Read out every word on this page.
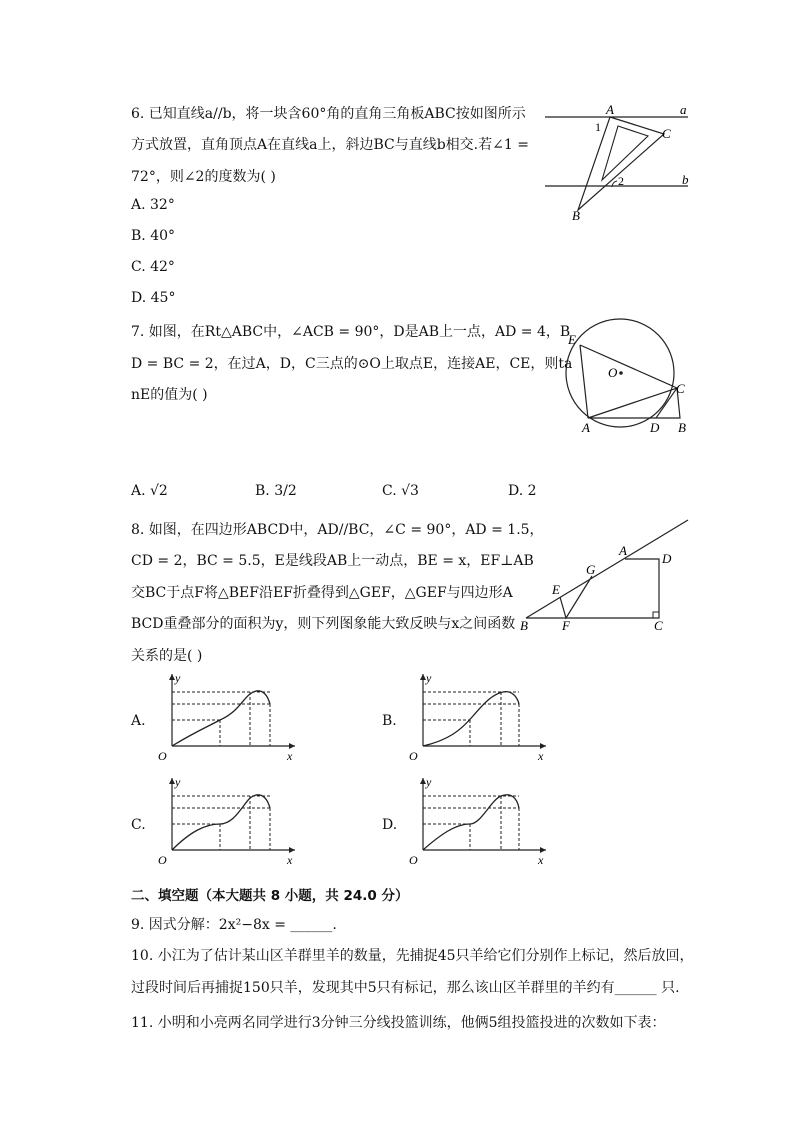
6. 已知直线a//b，将一块含60°角的直角三角板ABC按如图所示
方式放置，直角顶点A在直线a上，斜边BC与直线b相交.若∠1 =
72°，则∠2的度数为( )
A. 32°
B. 40°
C. 42°
D. 45°
A	a
1	C
2	b
B
7. 如图，在Rt△ABC中，∠ACB = 90°，D是AB上一点，AD = 4，B
D = BC = 2，在过A，D，C三点的⊙O上取点E，连接AE，CE，则ta
nE的值为( )
A. √2	B. 3/2	C. √3	D. 2
E
O
C
A	D B
8. 如图，在四边形ABCD中，AD//BC，∠C = 90°，AD = 1.5，
CD = 2，BC = 5.5，E是线段AB上一动点，BE = x，EF⊥AB
交BC于点F将△BEF沿EF折叠得到△GEF，△GEF与四边形A
BCD重叠部分的面积为y，则下列图象能大致反映与x之间函数
关系的是( )
A
D
G
E
B	F	C
A.	B.
C.	D.
y
x
O
y
x
O
y
x
O
y
x
O
二、填空题（本大题共 8 小题，共 24.0 分）
9. 因式分解：2x²−8x = ______.
10. 小江为了估计某山区羊群里羊的数量，先捕捉45只羊给它们分别作上标记，然后放回，
过段时间后再捕捉150只羊，发现其中5只有标记，那么该山区羊群里的羊约有______ 只.
11. 小明和小亮两名同学进行3分钟三分线投篮训练，他俩5组投篮投进的次数如下表：
